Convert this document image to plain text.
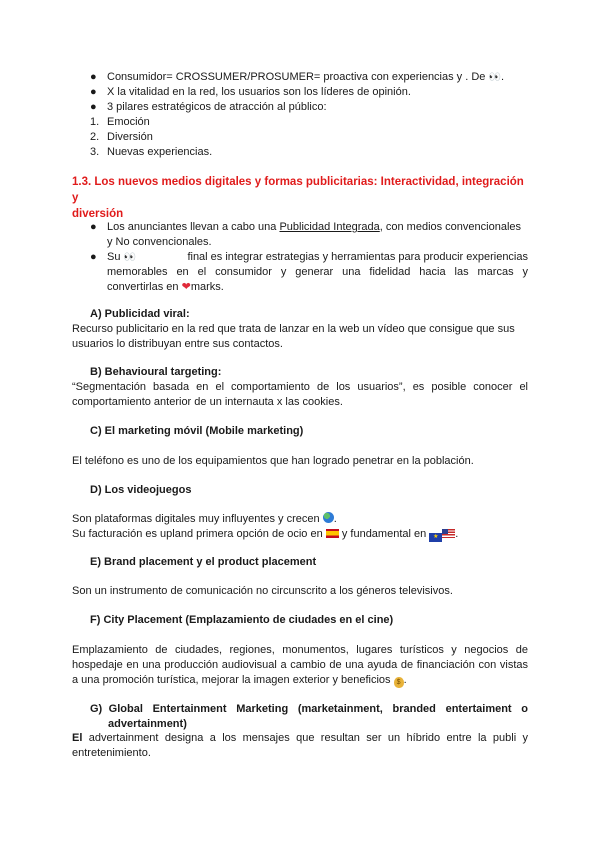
● Consumidor= CROSSUMER/PROSUMER= proactiva con experiencias y . De 👀.
● X la vitalidad en la red, los usuarios son los líderes de opinión.
● 3 pilares estratégicos de atracción al público:
1. Emoción
2. Diversión
3. Nuevas experiencias.
1.3. Los nuevos medios digitales y formas publicitarias: Interactividad, integración y
diversión
● Los anunciantes llevan a cabo una Publicidad Integrada, con medios convencionales
y No convencionales.
● Su 👀	final es integrar estrategias y herramientas para producir experiencias
memorables en el consumidor y generar una fidelidad hacia las marcas y
convertirlas en ❤marks.
A) Publicidad viral:
Recurso publicitario en la red que trata de lanzar en la web un vídeo que consigue que sus
usuarios lo distribuyan entre sus contactos.
B) Behavioural targeting:
“Segmentación basada en el comportamiento de los usuarios”, es posible conocer el
comportamiento anterior de un internauta x las cookies.
C) El marketing móvil (Mobile marketing)
El teléfono es uno de los equipamientos que han logrado penetrar en la población.
D) Los videojuegos
Son plataformas digitales muy influyentes y crecen .
Su facturación es upland primera opción de ocio en y fundamental en ★ .
E) Brand placement y el product placement
Son un instrumento de comunicación no circunscrito a los géneros televisivos.
F) City Placement (Emplazamiento de ciudades en el cine)
Emplazamiento de ciudades, regiones, monumentos, lugares turísticos y negocios de
hospedaje en una producción audiovisual a cambio de una ayuda de financiación con vistas
a una promoción turística, mejorar la imagen exterior y beneficios $ .
G)  Global   Entertainment   Marketing   (marketainment,   branded   entertaiment   o
advertainment)
El advertainment designa a los mensajes que resultan ser un híbrido entre la publi y
entretenimiento.
